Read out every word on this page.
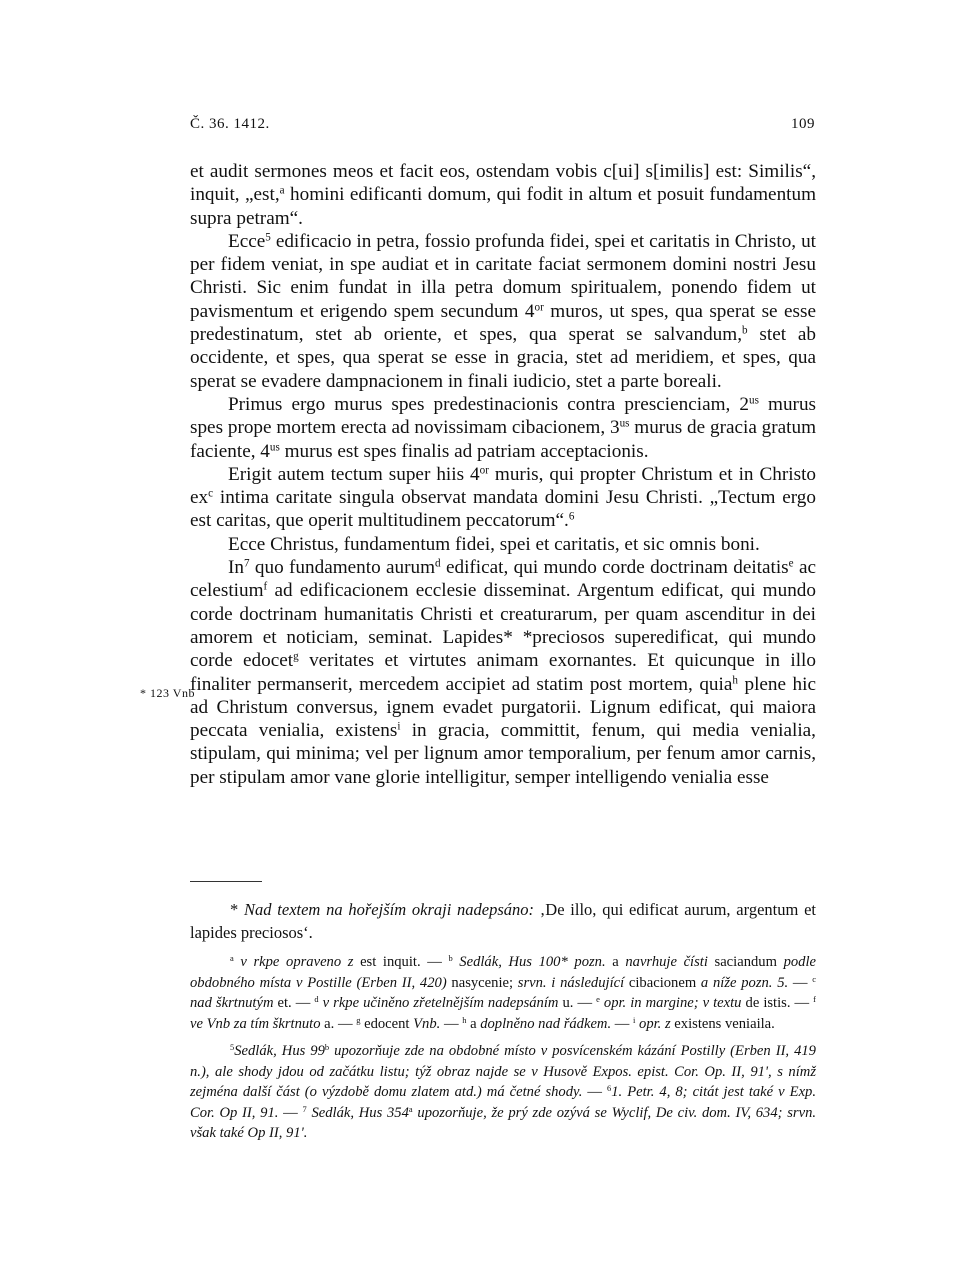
Č. 36. 1412.	109
* 123 Vnb

et audit sermones meos et facit eos, ostendam vobis c[ui] s[imilis] est: Similis“, inquit, „est,$^a$ homini edificanti domum, qui fodit in altum et posuit fundamentum supra petram“.

Ecce$^5$ edificacio in petra, fossio profunda fidei, spei et caritatis in Christo, ut per fidem veniat, in spe audiat et in caritate faciat sermonem domini nostri Jesu Christi. Sic enim fundat in illa petra domum spiritualem, ponendo fidem ut pavismentum et erigendo spem secundum $4^{or}$ muros, ut spes, qua sperat se esse predestinatum, stet ab oriente, et spes, qua sperat se salvandum,$^b$ stet ab occidente, et spes, qua sperat se esse in gracia, stet ad meridiem, et spes, qua sperat se evadere dampnacionem in finali iudicio, stet a parte boreali.

Primus ergo murus spes predestinacionis contra prescienciam, $2^{us}$ murus spes prope mortem erecta ad novissimam cibacionem, $3^{us}$ murus de gracia gratum faciente, $4^{us}$ murus est spes finalis ad patriam acceptacionis.

Erigit autem tectum super hiis $4^{or}$ muris, qui propter Christum et in Christo $ex^c$ intima caritate singula observat mandata domini Jesu Christi. „Tectum ergo est caritas, que operit multitudinem peccatorum“.$^6$

Ecce Christus, fundamentum fidei, spei et caritatis, et sic omnis boni.

In$^7$ quo fundamento aurum$^d$ edificat, qui mundo corde doctrinam deitatis$^e$ ac celestium$^f$ ad edificacionem ecclesie disseminat. Argentum edificat, qui mundo corde doctrinam humanitatis Christi et creaturarum, per quam ascenditur in dei amorem et noticiam, seminat. Lapides* *preciosos superedificat, qui mundo corde edocet$^g$ veritates et virtutes animam exornantes. Et quicunque in illo finaliter permanserit, mercedem accipiet ad statim post mortem, quia$^h$ plene hic ad Christum conversus, ignem evadet purgatorii. Lignum edificat, qui maiora peccata venialia, existens$^i$ in gracia, committit, fenum, qui media venialia, stipulam, qui minima; vel per lignum amor temporalium, per fenum amor carnis, per stipulam amor vane glorie intelligitur, semper intelligendo venialia esse

* Nad textem na hořejším okraji nadepsáno: ‚De illo, qui edificat aurum, argentum et lapides preciosos‘.

$^a$ v rkpe opraveno z est inquit. — $^b$ Sedlák, Hus 100* pozn. a navrhuje čísti saciandum podle obdobného místa v Postille (Erben II, 420) nasycenie; srvn. i následující cibacionem a níže pozn. 5. — $^c$ nad škrtnutým et. — $^d$ v rkpe učiněno zřetelnějším nadepsáním u. — $^e$ opr. in margine; v textu de istis. — $^f$ ve Vnb za tím škrtnuto a. — $^g$ edocent Vnb. — $^h$ a doplněno nad řádkem. — $^i$ opr. z existens veniaila.

$^5$Sedlák, Hus 99$^b$ upozorňuje zde na obdobné místo v posvícenském kázání Postilly (Erben II, 419 n.), ale shody jdou od začátku listu; týž obraz najde se v Husově Expos. epist. Cor. Op. II, 91', s nímž zejména další část (o výzdobě domu zlatem atd.) má četné shody. — $^6$1. Petr. 4, 8; citát jest také v Exp. Cor. Op II, 91. — $^7$ Sedlák, Hus 354$^a$ upozorňuje, že prý zde ozývá se Wyclif, De civ. dom. IV, 634; srvn. však také Op II, 91'.
